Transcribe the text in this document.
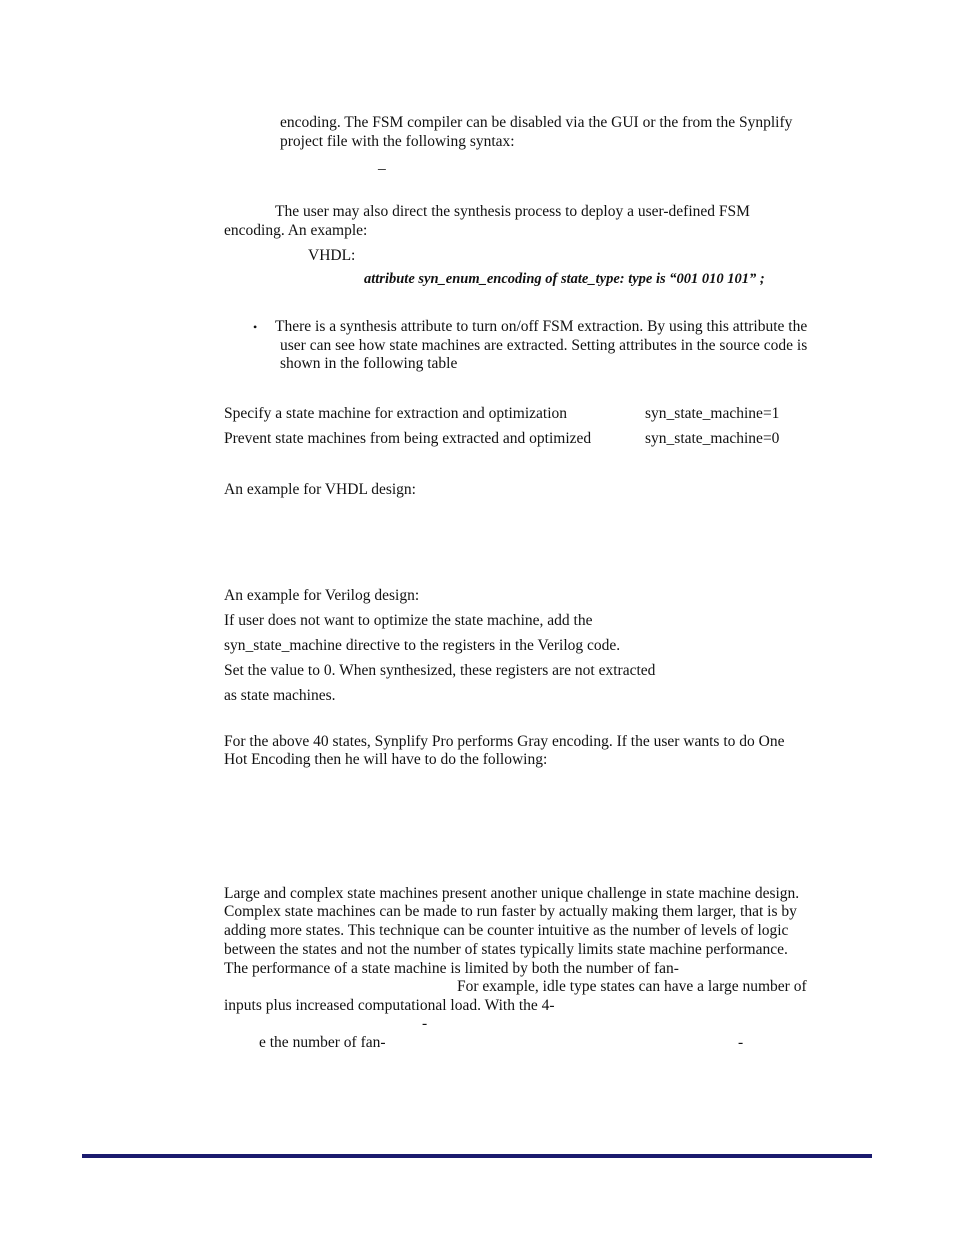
encoding. The FSM compiler can be disabled via the GUI or the from the Synplify
project file with the following syntax:
_
The user may also direct the synthesis process to deploy a user-defined FSM
encoding. An example:
VHDL:
attribute syn_enum_encoding of state_type: type is “001 010 101” ;
• There is a synthesis attribute to turn on/off FSM extraction. By using this attribute the
user can see how state machines are extracted. Setting attributes in the source code is
shown in the following table
Specify a state machine for extraction and optimization	syn_state_machine=1
Prevent state machines from being extracted and optimized	syn_state_machine=0
An example for VHDL design:
An example for Verilog design:
If user does not want to optimize the state machine, add the
syn_state_machine directive to the registers in the Verilog code.
Set the value to 0. When synthesized, these registers are not extracted
as state machines.
For the above 40 states, Synplify Pro performs Gray encoding. If the user wants to do One
Hot Encoding then he will have to do the following:
Large and complex state machines present another unique challenge in state machine design.
Complex state machines can be made to run faster by actually making them larger, that is by
adding more states. This technique can be counter intuitive as the number of levels of logic
between the states and not the number of states typically limits state machine performance.
The performance of a state machine is limited by both the number of fan-
For example, idle type states can have a large number of
inputs plus increased computational load. With the 4-
-
e the number of fan-	-
